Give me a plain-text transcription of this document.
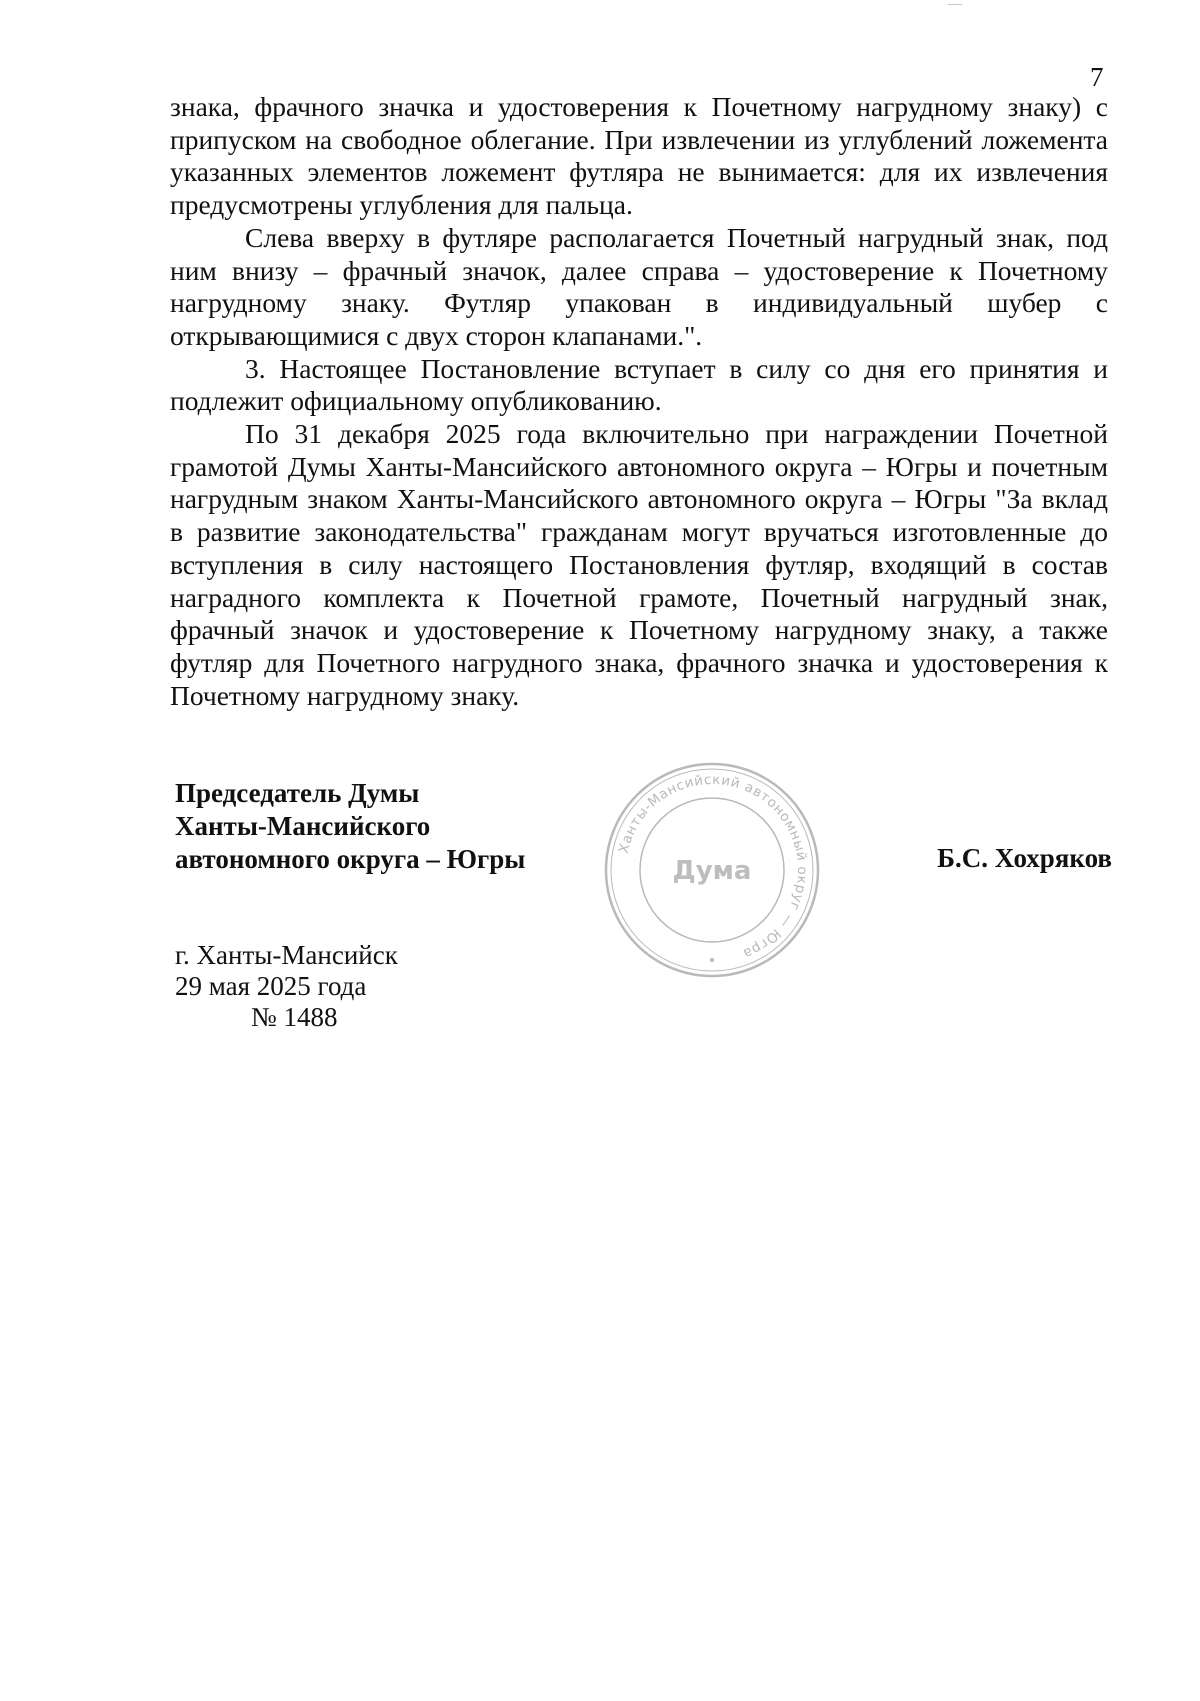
7

знака, фрачного значка и удостоверения к Почетному нагрудному знаку) с припуском на свободное облегание. При извлечении из углублений ложемента указанных элементов ложемент футляра не вынимается: для их извлечения предусмотрены углубления для пальца.

Слева вверху в футляре располагается Почетный нагрудный знак, под ним внизу – фрачный значок, далее справа – удостоверение к Почетному нагрудному знаку. Футляр упакован в индивидуальный шубер с открывающимися с двух сторон клапанами.".

3. Настоящее Постановление вступает в силу со дня его принятия и подлежит официальному опубликованию.

По 31 декабря 2025 года включительно при награждении Почетной грамотой Думы Ханты-Мансийского автономного округа – Югры и почетным нагрудным знаком Ханты-Мансийского автономного округа – Югры "За вклад в развитие законодательства" гражданам могут вручаться изготовленные до вступления в силу настоящего Постановления футляр, входящий в состав наградного комплекта к Почетной грамоте, Почетный нагрудный знак, фрачный значок и удостоверение к Почетному нагрудному знаку, а также футляр для Почетного нагрудного знака, фрачного значка и удостоверения к Почетному нагрудному знаку.

Председатель Думы
Ханты-Мансийского
автономного округа – Югры	Ханты-Мансийский автономный округ — Югра
Дума	Б.С. Хохряков
г. Ханты-Мансийск
29 мая 2025 года
№ 1488
